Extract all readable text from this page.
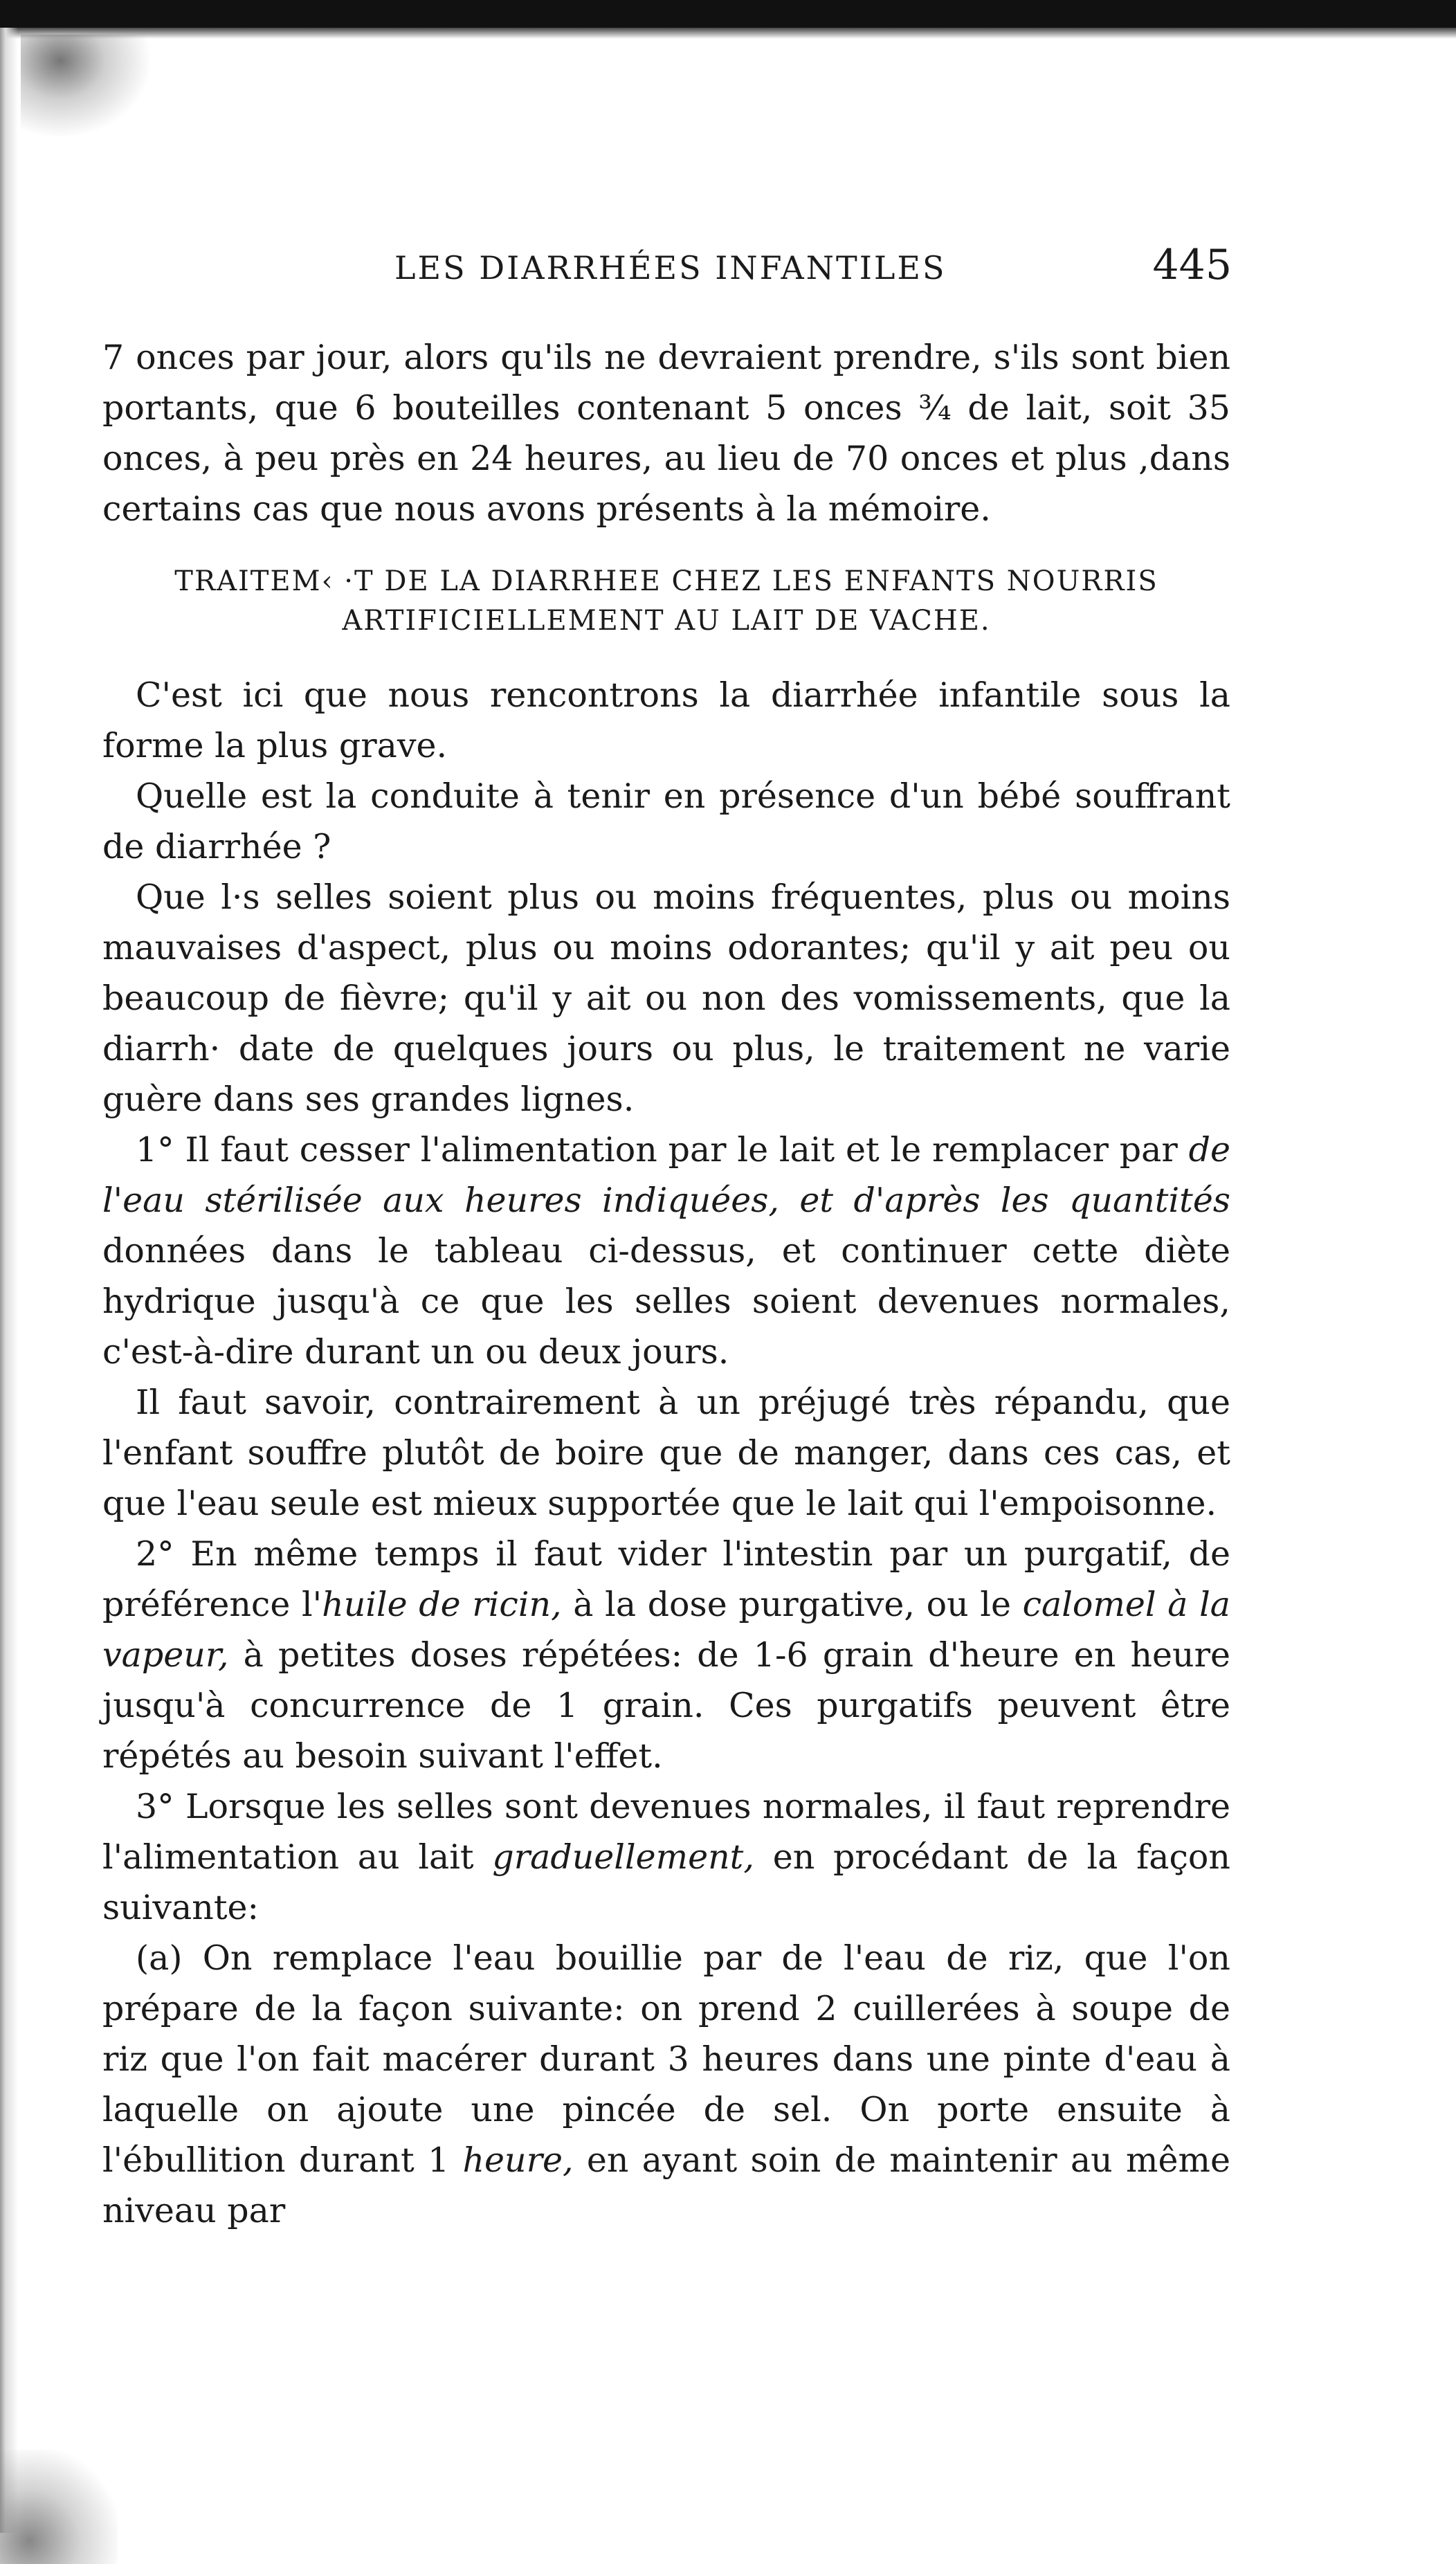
LES DIARRHÉES INFANTILES	445

7 onces par jour, alors qu'ils ne devraient prendre, s'ils sont bien portants, que 6 bouteilles contenant 5 onces ¾ de lait, soit 35 onces, à peu près en 24 heures, au lieu de 70 onces et plus ,dans certains cas que nous avons présents à la mémoire.

TRAITEM‹ ·T DE LA DIARRHEE CHEZ LES ENFANTS NOURRIS
ARTIFICIELLEMENT AU LAIT DE VACHE.

C'est ici que nous rencontrons la diarrhée infantile sous la forme la plus grave.

Quelle est la conduite à tenir en présence d'un bébé souffrant de diarrhée ?

Que l·s selles soient plus ou moins fréquentes, plus ou moins mauvaises d'aspect, plus ou moins odorantes; qu'il y ait peu ou beaucoup de fièvre; qu'il y ait ou non des vomissements, que la diarrh· date de quelques jours ou plus, le traitement ne varie guère dans ses grandes lignes.

1° Il faut cesser l'alimentation par le lait et le remplacer par de l'eau stérilisée aux heures indiquées, et d'après les quantités données dans le tableau ci-dessus, et continuer cette diète hydrique jusqu'à ce que les selles soient devenues normales, c'est-à-dire durant un ou deux jours.

Il faut savoir, contrairement à un préjugé très répandu, que l'enfant souffre plutôt de boire que de manger, dans ces cas, et que l'eau seule est mieux supportée que le lait qui l'empoisonne.

2° En même temps il faut vider l'intestin par un purgatif, de préférence l'huile de ricin, à la dose purgative, ou le calomel à la vapeur, à petites doses répétées: de 1-6 grain d'heure en heure jusqu'à concurrence de 1 grain. Ces purgatifs peuvent être répétés au besoin suivant l'effet.

3° Lorsque les selles sont devenues normales, il faut reprendre l'alimentation au lait graduellement, en procédant de la façon suivante:

(a) On remplace l'eau bouillie par de l'eau de riz, que l'on prépare de la façon suivante: on prend 2 cuillerées à soupe de riz que l'on fait macérer durant 3 heures dans une pinte d'eau à laquelle on ajoute une pincée de sel. On porte ensuite à l'ébullition durant 1 heure, en ayant soin de maintenir au même niveau par
